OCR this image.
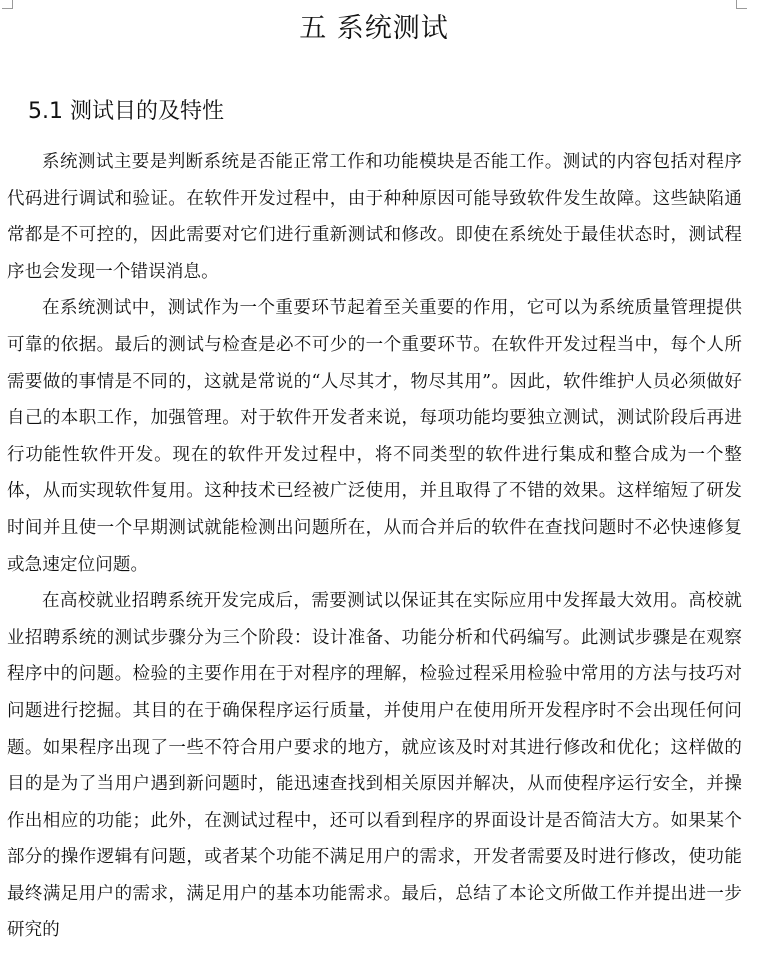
五 系统测试
5.1 测试目的及特性

系统测试主要是判断系统是否能正常工作和功能模块是否能工作。测试的内容包括对程序代码进行调试和验证。在软件开发过程中，由于种种原因可能导致软件发生故障。这些缺陷通常都是不可控的，因此需要对它们进行重新测试和修改。即使在系统处于最佳状态时，测试程序也会发现一个错误消息。

在系统测试中，测试作为一个重要环节起着至关重要的作用，它可以为系统质量管理提供可靠的依据。最后的测试与检查是必不可少的一个重要环节。在软件开发过程当中，每个人所需要做的事情是不同的，这就是常说的“人尽其才，物尽其用”。因此，软件维护人员必须做好自己的本职工作，加强管理。对于软件开发者来说，每项功能均要独立测试，测试阶段后再进行功能性软件开发。现在的软件开发过程中，将不同类型的软件进行集成和整合成为一个整体，从而实现软件复用。这种技术已经被广泛使用，并且取得了不错的效果。这样缩短了研发时间并且使一个早期测试就能检测出问题所在，从而合并后的软件在查找问题时不必快速修复或急速定位问题。

在高校就业招聘系统开发完成后，需要测试以保证其在实际应用中发挥最大效用。高校就业招聘系统的测试步骤分为三个阶段：设计准备、功能分析和代码编写。此测试步骤是在观察程序中的问题。检验的主要作用在于对程序的理解，检验过程采用检验中常用的方法与技巧对问题进行挖掘。其目的在于确保程序运行质量，并使用户在使用所开发程序时不会出现任何问题。如果程序出现了一些不符合用户要求的地方，就应该及时对其进行修改和优化；这样做的目的是为了当用户遇到新问题时，能迅速查找到相关原因并解决，从而使程序运行安全，并操作出相应的功能；此外，在测试过程中，还可以看到程序的界面设计是否简洁大方。如果某个部分的操作逻辑有问题，或者某个功能不满足用户的需求，开发者需要及时进行修改，使功能最终满足用户的需求，满足用户的基本功能需求。最后，总结了本论文所做工作并提出进一步研究的
